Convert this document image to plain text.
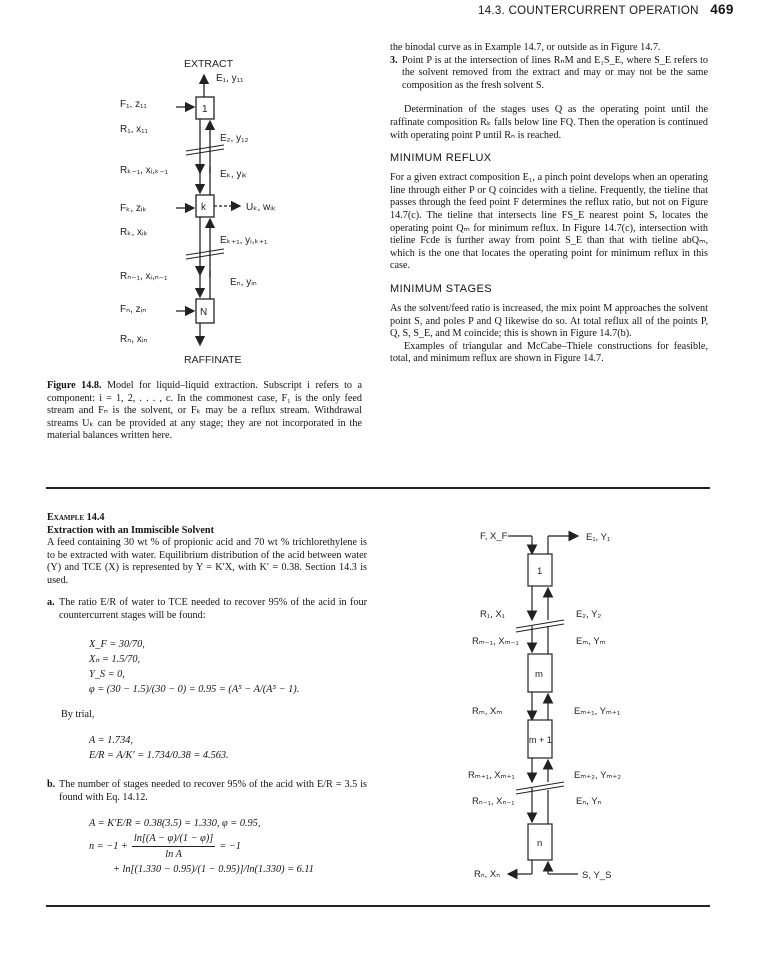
14.3. COUNTERCURRENT OPERATION 469
EXTRACT
E₁, y₁₁
1
F₁, z₁₁
R₁, x₁₁
E₂, y₁₂
Rₖ₋₁, xᵢ,ₖ₋₁	Eₖ, yᵢₖ
k
Fₖ, zᵢₖ	Uₖ, wᵢₖ
Rₖ, xᵢₖ
Eₖ₊₁, yᵢ,ₖ₊₁
Rₙ₋₁, xᵢ,ₙ₋₁
Eₙ, yᵢₙ
N
Fₙ, zᵢₙ
Rₙ, xᵢₙ
RAFFINATE
Figure 14.8. Model for liquid–liquid extraction. Subscript i refers to a component: i = 1, 2, . . . , c. In the commonest case, F₁ is the only feed stream and Fₙ is the solvent, or Fₖ may be a reflux stream. Withdrawal streams Uₖ can be provided at any stage; they are not incorporated in the material balances written here.
the binodal curve as in Example 14.7, or outside as in Figure 14.7.
3. Point P is at the intersection of lines RₙM and E₁S_E, where S_E refers to the solvent removed from the extract and may or may not be the same composition as the fresh solvent S.
Determination of the stages uses Q as the operating point until the raffinate composition Rₖ falls below line FQ. Then the operation is continued with operating point P until Rₙ is reached.
MINIMUM REFLUX
For a given extract composition E₁, a pinch point develops when an operating line through either P or Q coincides with a tieline. Frequently, the tieline that passes through the feed point F determines the reflux ratio, but not on Figure 14.7(c). The tieline that intersects line FS_E nearest point Sₑ locates the operating point Qₘ for minimum reflux. In Figure 14.7(c), intersection with tieline Fcde is further away from point S_E than that with tieline abQₘ, which is the one that locates the operating point for minimum reflux in this case.
MINIMUM STAGES
As the solvent/feed ratio is increased, the mix point M approaches the solvent point S, and poles P and Q likewise do so. At total reflux all of the points P, Q, S, S_E, and M coincide; this is shown in Figure 14.7(b).
Examples of triangular and McCabe–Thiele constructions for feasible, total, and minimum reflux are shown in Figure 14.7.
Example 14.4
Extraction with an Immiscible Solvent
A feed containing 30 wt % of propionic acid and 70 wt % trichlorethylene is to be extracted with water. Equilibrium distribution of the acid between water (Y) and TCE (X) is represented by Y = K′X, with K′ = 0.38. Section 14.3 is used.
a. The ratio E/R of water to TCE needed to recover 95% of the acid in four countercurrent stages will be found:
X_F = 30/70,
Xₙ = 1.5/70,
Y_S = 0,
φ = (30 − 1.5)/(30 − 0) = 0.95 = (A⁵ − A/(A⁵ − 1).
By trial,
A = 1.734,
E/R = A/K′ = 1.734/0.38 = 4.563.
b. The number of stages needed to recover 95% of the acid with E/R = 3.5 is found with Eq. 14.12.
A = K′E/R = 0.38(3.5) = 1.330, φ = 0.95,
$n = -1 + \frac{\ln[(A - \varphi)/(1 - \varphi)]}{\text{ln A}} = -1$
+ ln[(1.330 − 0.95)/(1 − 0.95)]/ln(1.330) = 6.11
F, X_F	E₁, Y₁
1
R₁, X₁	E₂, Y₂
Rₘ₋₁, Xₘ₋₁	Eₘ, Yₘ
m
Rₘ, Xₘ	Eₘ₊₁, Yₘ₊₁
m + 1
Rₘ₊₁, Xₘ₊₁	Eₘ₊₂, Yₘ₊₂
Rₙ₋₁, Xₙ₋₁	Eₙ, Yₙ
n
Rₙ, Xₙ	S, Y_S
